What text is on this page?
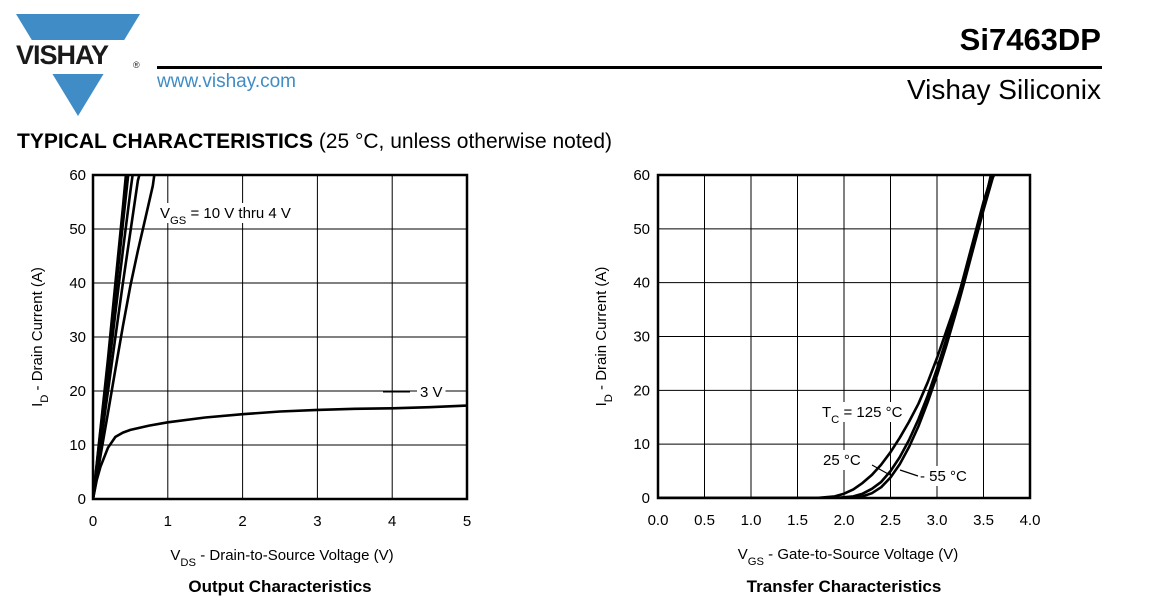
VISHAY	®
www.vishay.com
Si7463DP
Vishay Siliconix
TYPICAL CHARACTERISTICS (25 °C, unless otherwise noted)
0	1	2	3	4	5
0
10
20
30
40
50
60
$V_{GS} = 10$ V thru 4 V
3 V
$V_{DS}$ - Drain-to-Source Voltage (V)
$I_D$ - Drain Current (A)
Output Characteristics
0.0 0.5 1.0 1.5 2.0 2.5 3.0 3.5 4.0
0
10
20
30
40
50
60
$T_C = 125$ °C
25 °C
- 55 °C
$V_{GS}$ - Gate-to-Source Voltage (V)
$I_D$ - Drain Current (A)
Transfer Characteristics
